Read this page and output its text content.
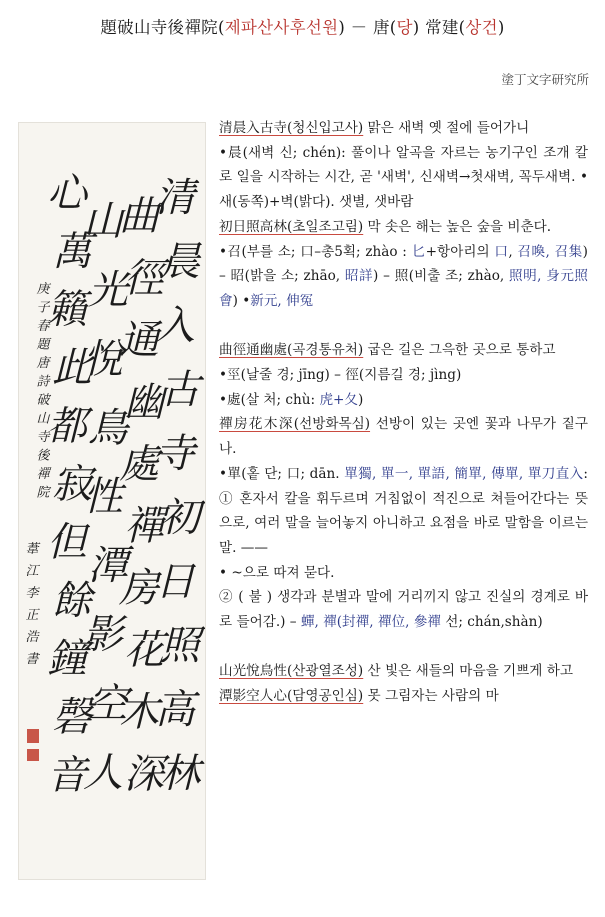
題破山寺後禪院(제파산사후선원) － 唐(당) 常建(상건)
塗丁文字研究所
清
晨
入
古
寺
初
日
照
高
林
曲
徑
通
幽
處
禪
房
花
木
深
山
光
悅
鳥
性
潭
影
空
人
心
萬
籟
此
都
寂
但
餘
鐘
磬
音
庚
子
春
題
唐
詩
破
山
寺
後
禪
院
葦
江
李
正
浩
書

清晨入古寺(청신입고사) 맑은 새벽 옛 절에 들어가니

•晨(새벽 신; chén): 풀이나 알곡을 자르는 농기구인 조개 칼로 일을 시작하는 시간, 곧 '새벽', 신새벽→첫새벽, 꼭두새벽. • 새(동쪽)+벽(밝다). 샛별, 샛바람

初日照高林(초일조고림) 막 솟은 해는 높은 숲을 비춘다.

•召(부를 소; 口–총5획; zhào : 匕+항아리의 口, 召喚, 召集) – 昭(밝을 소; zhāo, 昭詳) – 照(비출 조; zhào, 照明, 身元照會) •新元, 伸冤

曲徑通幽處(곡경통유처) 굽은 길은 그윽한 곳으로 통하고

•巠(날줄 경; jīng) – 徑(지름길 경; jìng)

•處(살 처; chù: 虎+夂)

禪房花木深(선방화목심) 선방이 있는 곳엔 꽃과 나무가 짙구나.

•單(홑 단; 口; dān. 單獨, 單一, 單語, 簡單, 傳單, 單刀直入: ① 혼자서 칼을 휘두르며 거침없이 적진으로 쳐들어간다는 뜻으로, 여러 말을 늘어놓지 아니하고 요점을 바로 말함을 이르는 말. ——

• ~으로 따져 묻다.

② ( 불 ) 생각과 분별과 말에 거리끼지 않고 진실의 경계로 바로 들어감.) – 蟬, 禪(封禪, 禪位, 參禪 선; chán,shàn)

山光悅鳥性(산광열조성) 산 빛은 새들의 마음을 기쁘게 하고

潭影空人心(담영공인심) 못 그림자는 사람의 마
